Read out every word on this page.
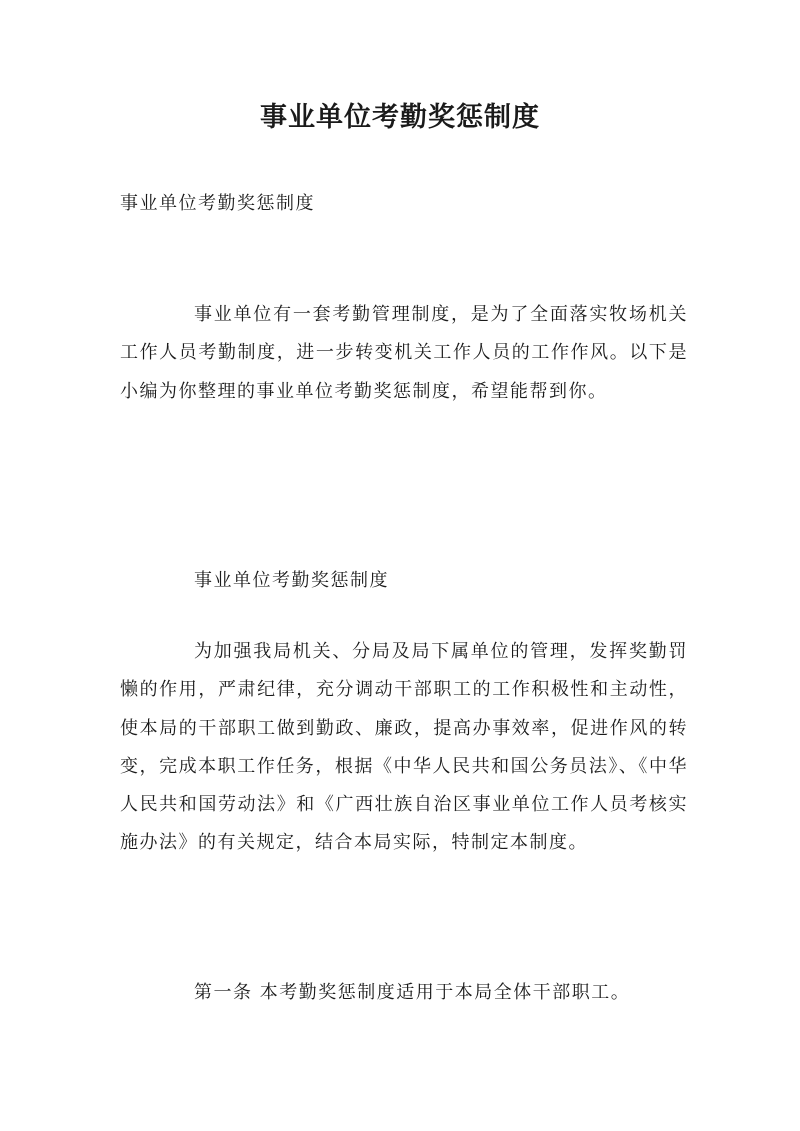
事业单位考勤奖惩制度

事业单位考勤奖惩制度

事业单位有一套考勤管理制度，是为了全面落实牧场机关工作人员考勤制度，进一步转变机关工作人员的工作作风。以下是小编为你整理的事业单位考勤奖惩制度，希望能帮到你。

事业单位考勤奖惩制度

为加强我局机关、分局及局下属单位的管理，发挥奖勤罚懒的作用，严肃纪律，充分调动干部职工的工作积极性和主动性，使本局的干部职工做到勤政、廉政，提高办事效率，促进作风的转变，完成本职工作任务，根据《中华人民共和国公务员法》、《中华人民共和国劳动法》和《广西壮族自治区事业单位工作人员考核实施办法》的有关规定，结合本局实际，特制定本制度。

第一条 本考勤奖惩制度适用于本局全体干部职工。
